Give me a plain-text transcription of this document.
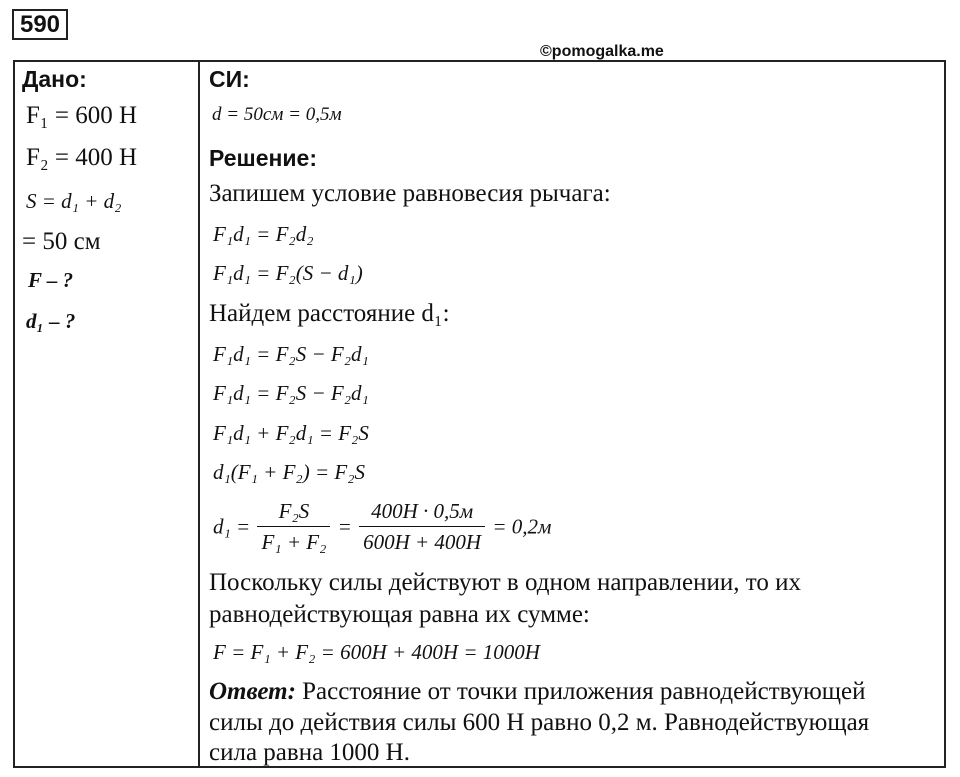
590
©pomogalka.me
Дано:
F₁ = 600 Н
F₂ = 400 Н
S = d₁ + d₂
= 50 см
F – ?
d₁ – ?
СИ:
d = 50см = 0,5м
Решение:
Запишем условие равновесия рычага:
F₁d₁ = F₂d₂
F₁d₁ = F₂(S − d₁)
Найдем расстояние d₁:
F₁d₁ = F₂S − F₂d₁
F₁d₁ = F₂S − F₂d₁
F₁d₁ + F₂d₁ = F₂S
d₁(F₁ + F₂) = F₂S
$d_1 = \frac{\text{F₂S}}{\text{F₁ + F₂}} = \frac{400Н \cdot 0,5м}{600Н + 400Н} = 0,2м$
Поскольку силы действуют в одном направлении, то их
равнодействующая равна их сумме:
F = F₁ + F₂ = 600Н + 400Н = 1000Н
Ответ: Расстояние от точки приложения равнодействующей
силы до действия силы 600 Н равно 0,2 м. Равнодействующая
сила равна 1000 Н.
